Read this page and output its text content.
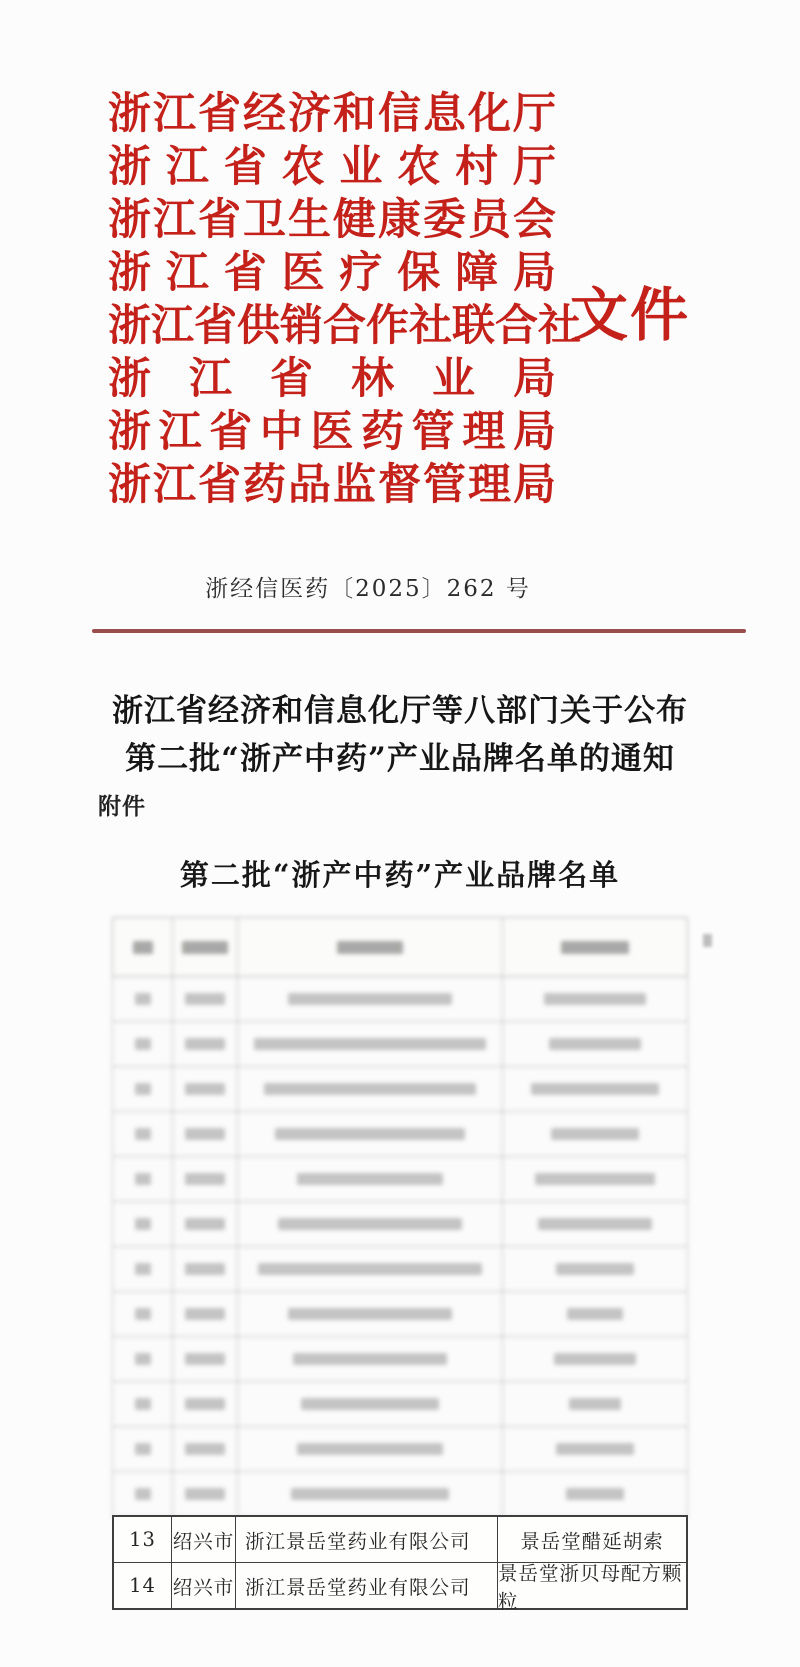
浙江省经济和信息化厅
浙江省农业农村厅
浙江省卫生健康委员会
浙江省医疗保障局
浙江省供销合作社联合社
浙江省林业局
浙江省中医药管理局
浙江省药品监督管理局
文件
浙经信医药〔2025〕262 号
浙江省经济和信息化厅等八部门关于公布
第二批“浙产中药”产业品牌名单的通知
附件
第二批“浙产中药”产业品牌名单
13 绍兴市 浙江景岳堂药业有限公司	景岳堂醋延胡索
14 绍兴市 浙江景岳堂药业有限公司
景岳堂浙贝母配方颗粒
